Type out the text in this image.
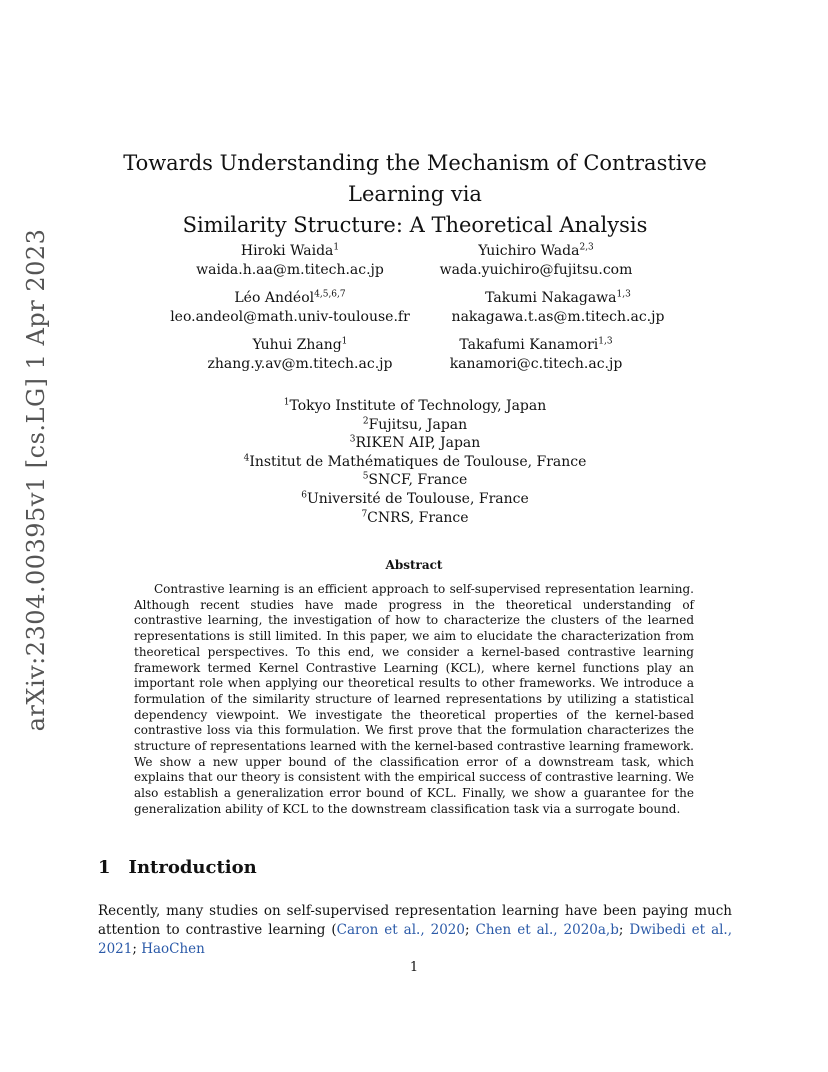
arXiv:2304.00395v1 [cs.LG] 1 Apr 2023
Towards Understanding the Mechanism of Contrastive Learning via
Similarity Structure: A Theoretical Analysis
Hiroki Waida$^1$
waida.h.aa@m.titech.ac.jp
Yuichiro Wada$^{2,3}$
wada.yuichiro@fujitsu.com
Léo Andéol$^{4,5,6,7}$
leo.andeol@math.univ-toulouse.fr
Takumi Nakagawa$^{1,3}$
nakagawa.t.as@m.titech.ac.jp
Yuhui Zhang$^1$
zhang.y.av@m.titech.ac.jp
Takafumi Kanamori$^{1,3}$
kanamori@c.titech.ac.jp
$^1$Tokyo Institute of Technology, Japan
$^2$Fujitsu, Japan
$^3$RIKEN AIP, Japan
$^4$Institut de Mathématiques de Toulouse, France
$^5$SNCF, France
$^6$Université de Toulouse, France
$^7$CNRS, France
Abstract

Contrastive learning is an efficient approach to self-supervised representation learning. Although recent studies have made progress in the theoretical understanding of contrastive learning, the investigation of how to characterize the clusters of the learned representations is still limited. In this paper, we aim to elucidate the characterization from theoretical perspectives. To this end, we consider a kernel-based contrastive learning framework termed Kernel Contrastive Learning (KCL), where kernel functions play an important role when applying our theoretical results to other frameworks. We introduce a formulation of the similarity structure of learned representations by utilizing a statistical dependency viewpoint. We investigate the theoretical properties of the kernel-based contrastive loss via this formulation. We first prove that the formulation characterizes the structure of representations learned with the kernel-based contrastive learning framework. We show a new upper bound of the classification error of a downstream task, which explains that our theory is consistent with the empirical success of contrastive learning. We also establish a generalization error bound of KCL. Finally, we show a guarantee for the generalization ability of KCL to the downstream classification task via a surrogate bound.

1 Introduction

Recently, many studies on self-supervised representation learning have been paying much attention to contrastive learning (Caron et al., 2020; Chen et al., 2020a,b; Dwibedi et al., 2021; HaoChen

1
